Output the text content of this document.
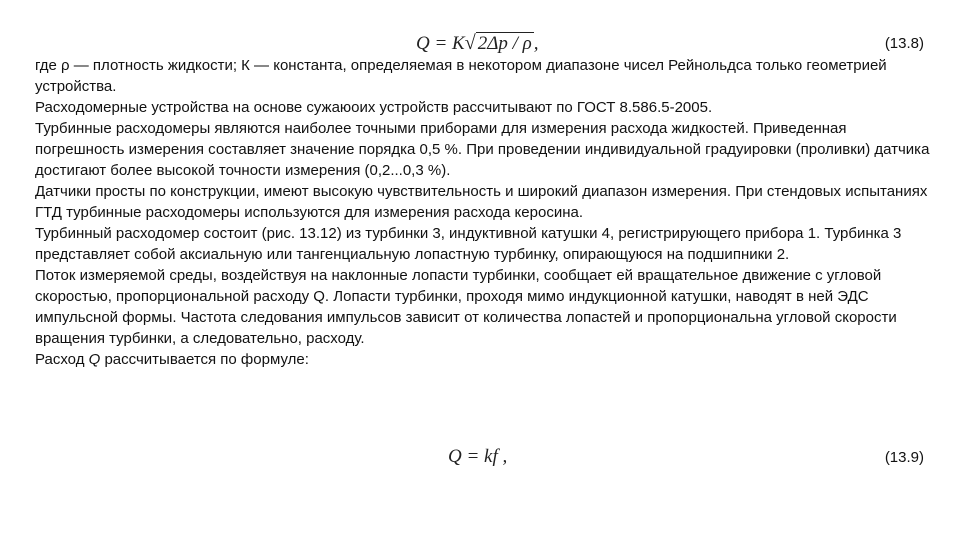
Q = K√ 2Δp / ρ ,	(13.8)

где ρ — плотность жидкости; К — константа, определяемая в некотором диапазоне чисел Рейнольдса только геометрией устройства.

Расходомерные устройства на основе сужаюоих устройств рассчитывают по ГОСТ 8.586.5-2005.

Турбинные расходомеры являются наиболее точными приборами для измерения расхода жидкостей. Приведенная погрешность измерения составляет значение порядка 0,5 %. При проведении индивидуальной градуировки (проливки) датчика достигают более высокой точности измерения (0,2...0,3 %).

Датчики просты по конструкции, имеют высокую чувствительность и широкий диапазон измерения. При стендовых испытаниях ГТД турбинные расходомеры используются для измерения расхода керосина.

Турбинный расходомер состоит (рис. 13.12) из турбинки 3, индуктивной катушки 4, регистрирующего прибора 1. Турбинка 3 представляет собой аксиальную или тангенциальную лопастную турбинку, опирающуюся на подшипники 2.

Поток измеряемой среды, воздействуя на наклонные лопасти турбинки, сообщает ей вращательное движение с угловой скоростью, пропорциональной расходу Q. Лопасти турбинки, проходя мимо индукционной катушки, наводят в ней ЭДС импульсной формы. Частота следования импульсов зависит от количества лопастей и пропорциональна угловой скорости вращения турбинки, а следовательно, расходу.

Расход Q рассчитывается по формуле:

Q = kf ,	(13.9)
